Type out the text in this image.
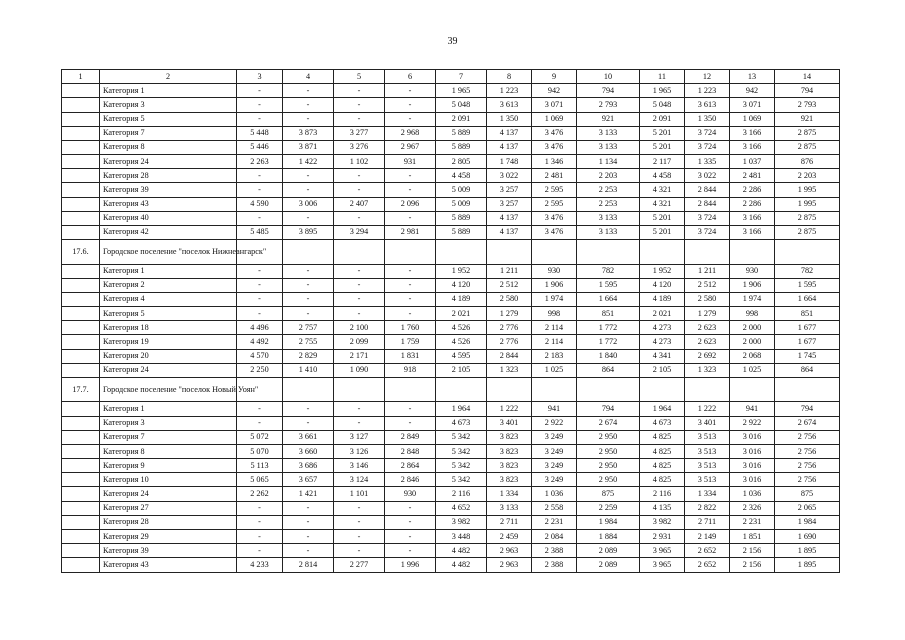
39
1	2	3	4	5	6	7	8	9	10	11	12	13	14
	Категория 1	-	-	-	-	1 965	1 223	942	794	1 965	1 223	942	794
	Категория 3	-	-	-	-	5 048	3 613	3 071	2 793	5 048	3 613	3 071	2 793
	Категория 5	-	-	-	-	2 091	1 350	1 069	921	2 091	1 350	1 069	921
	Категория 7	5 448	3 873	3 277	2 968	5 889	4 137	3 476	3 133	5 201	3 724	3 166	2 875
	Категория 8	5 446	3 871	3 276	2 967	5 889	4 137	3 476	3 133	5 201	3 724	3 166	2 875
	Категория 24	2 263	1 422	1 102	931	2 805	1 748	1 346	1 134	2 117	1 335	1 037	876
	Категория 28	-	-	-	-	4 458	3 022	2 481	2 203	4 458	3 022	2 481	2 203
	Категория 39	-	-	-	-	5 009	3 257	2 595	2 253	4 321	2 844	2 286	1 995
	Категория 43	4 590	3 006	2 407	2 096	5 009	3 257	2 595	2 253	4 321	2 844	2 286	1 995
	Категория 40	-	-	-	-	5 889	4 137	3 476	3 133	5 201	3 724	3 166	2 875
	Категория 42	5 485	3 895	3 294	2 981	5 889	4 137	3 476	3 133	5 201	3 724	3 166	2 875
17.6.	Городское поселение "поселок Нижнеангарск"												
	Категория 1	-	-	-	-	1 952	1 211	930	782	1 952	1 211	930	782
	Категория 2	-	-	-	-	4 120	2 512	1 906	1 595	4 120	2 512	1 906	1 595
	Категория 4	-	-	-	-	4 189	2 580	1 974	1 664	4 189	2 580	1 974	1 664
	Категория 5	-	-	-	-	2 021	1 279	998	851	2 021	1 279	998	851
	Категория 18	4 496	2 757	2 100	1 760	4 526	2 776	2 114	1 772	4 273	2 623	2 000	1 677
	Категория 19	4 492	2 755	2 099	1 759	4 526	2 776	2 114	1 772	4 273	2 623	2 000	1 677
	Категория 20	4 570	2 829	2 171	1 831	4 595	2 844	2 183	1 840	4 341	2 692	2 068	1 745
	Категория 24	2 250	1 410	1 090	918	2 105	1 323	1 025	864	2 105	1 323	1 025	864
17.7.	Городское поселение "поселок Новый Уоян"												
	Категория 1	-	-	-	-	1 964	1 222	941	794	1 964	1 222	941	794
	Категория 3	-	-	-	-	4 673	3 401	2 922	2 674	4 673	3 401	2 922	2 674
	Категория 7	5 072	3 661	3 127	2 849	5 342	3 823	3 249	2 950	4 825	3 513	3 016	2 756
	Категория 8	5 070	3 660	3 126	2 848	5 342	3 823	3 249	2 950	4 825	3 513	3 016	2 756
	Категория 9	5 113	3 686	3 146	2 864	5 342	3 823	3 249	2 950	4 825	3 513	3 016	2 756
	Категория 10	5 065	3 657	3 124	2 846	5 342	3 823	3 249	2 950	4 825	3 513	3 016	2 756
	Категория 24	2 262	1 421	1 101	930	2 116	1 334	1 036	875	2 116	1 334	1 036	875
	Категория 27	-	-	-	-	4 652	3 133	2 558	2 259	4 135	2 822	2 326	2 065
	Категория 28	-	-	-	-	3 982	2 711	2 231	1 984	3 982	2 711	2 231	1 984
	Категория 29	-	-	-	-	3 448	2 459	2 084	1 884	2 931	2 149	1 851	1 690
	Категория 39	-	-	-	-	4 482	2 963	2 388	2 089	3 965	2 652	2 156	1 895
	Категория 43	4 233	2 814	2 277	1 996	4 482	2 963	2 388	2 089	3 965	2 652	2 156	1 895
